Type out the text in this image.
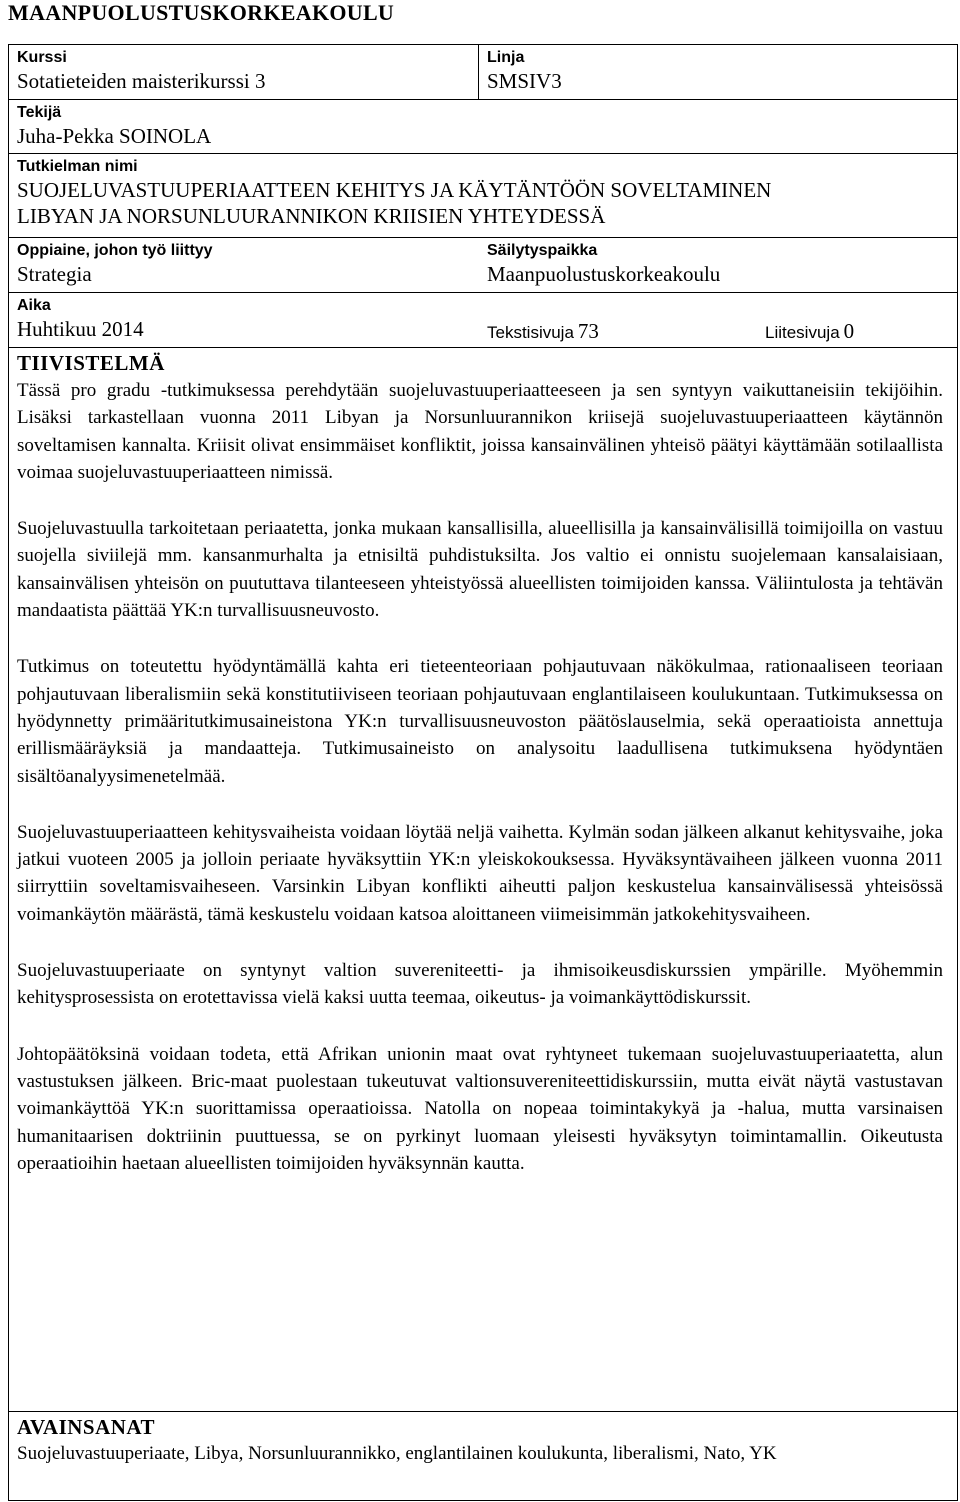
MAANPUOLUSTUSKORKEAKOULU
Kurssi
Sotatieteiden maisterikurssi 3
Linja
SMSIV3
Tekijä
Juha-Pekka SOINOLA
Tutkielman nimi
SUOJELUVASTUUPERIAATTEEN KEHITYS JA KÄYTÄNTÖÖN SOVELTAMINEN
LIBYAN JA NORSUNLUURANNIKON KRIISIEN YHTEYDESSÄ
Oppiaine, johon työ liittyy
Strategia
Säilytyspaikka
Maanpuolustuskorkeakoulu
Aika
Huhtikuu 2014	Tekstisivuja 73	Liitesivuja 0
TIIVISTELMÄ

Tässä pro gradu -tutkimuksessa perehdytään suojeluvastuuperiaatteeseen ja sen syntyyn vaikuttaneisiin tekijöihin. Lisäksi tarkastellaan vuonna 2011 Libyan ja Norsunluurannikon kriisejä suojeluvastuuperiaatteen käytännön soveltamisen kannalta. Kriisit olivat ensimmäiset konfliktit, joissa kansainvälinen yhteisö päätyi käyttämään sotilaallista voimaa suojeluvastuuperiaatteen nimissä.

Suojeluvastuulla tarkoitetaan periaatetta, jonka mukaan kansallisilla, alueellisilla ja kansainvälisillä toimijoilla on vastuu suojella siviilejä mm. kansanmurhalta ja etnisiltä puhdistuksilta. Jos valtio ei onnistu suojelemaan kansalaisiaan, kansainvälisen yhteisön on puututtava tilanteeseen yhteistyössä alueellisten toimijoiden kanssa. Väliintulosta ja tehtävän mandaatista päättää YK:n turvallisuusneuvosto.

Tutkimus on toteutettu hyödyntämällä kahta eri tieteenteoriaan pohjautuvaan näkökulmaa, rationaaliseen teoriaan pohjautuvaan liberalismiin sekä konstitutiiviseen teoriaan pohjautuvaan englantilaiseen koulukuntaan. Tutkimuksessa on hyödynnetty primääritutkimusaineistona YK:n turvallisuusneuvoston päätöslauselmia, sekä operaatioista annettuja erillismääräyksiä ja mandaatteja. Tutkimusaineisto on analysoitu laadullisena tutkimuksena hyödyntäen sisältöanalyysimenetelmää.

Suojeluvastuuperiaatteen kehitysvaiheista voidaan löytää neljä vaihetta. Kylmän sodan jälkeen alkanut kehitysvaihe, joka jatkui vuoteen 2005 ja jolloin periaate hyväksyttiin YK:n yleiskokouksessa. Hyväksyntävaiheen jälkeen vuonna 2011 siirryttiin soveltamisvaiheseen. Varsinkin Libyan konflikti aiheutti paljon keskustelua kansainvälisessä yhteisössä voimankäytön määrästä, tämä keskustelu voidaan katsoa aloittaneen viimeisimmän jatkokehitysvaiheen.

Suojeluvastuuperiaate on syntynyt valtion suvereniteetti- ja ihmisoikeusdiskurssien ympärille. Myöhemmin kehitysprosessista on erotettavissa vielä kaksi uutta teemaa, oikeutus- ja voimankäyttödiskurssit.

Johtopäätöksinä voidaan todeta, että Afrikan unionin maat ovat ryhtyneet tukemaan suojeluvastuuperiaatetta, alun vastustuksen jälkeen. Bric-maat puolestaan tukeutuvat valtionsuvereniteettidiskurssiin, mutta eivät näytä vastustavan voimankäyttöä YK:n suorittamissa operaatioissa. Natolla on nopeaa toimintakykyä ja -halua, mutta varsinaisen humanitaarisen doktriinin puuttuessa, se on pyrkinyt luomaan yleisesti hyväksytyn toimintamallin. Oikeutusta operaatioihin haetaan alueellisten toimijoiden hyväksynnän kautta.

AVAINSANAT

Suojeluvastuuperiaate, Libya, Norsunluurannikko, englantilainen koulukunta, liberalismi, Nato, YK
